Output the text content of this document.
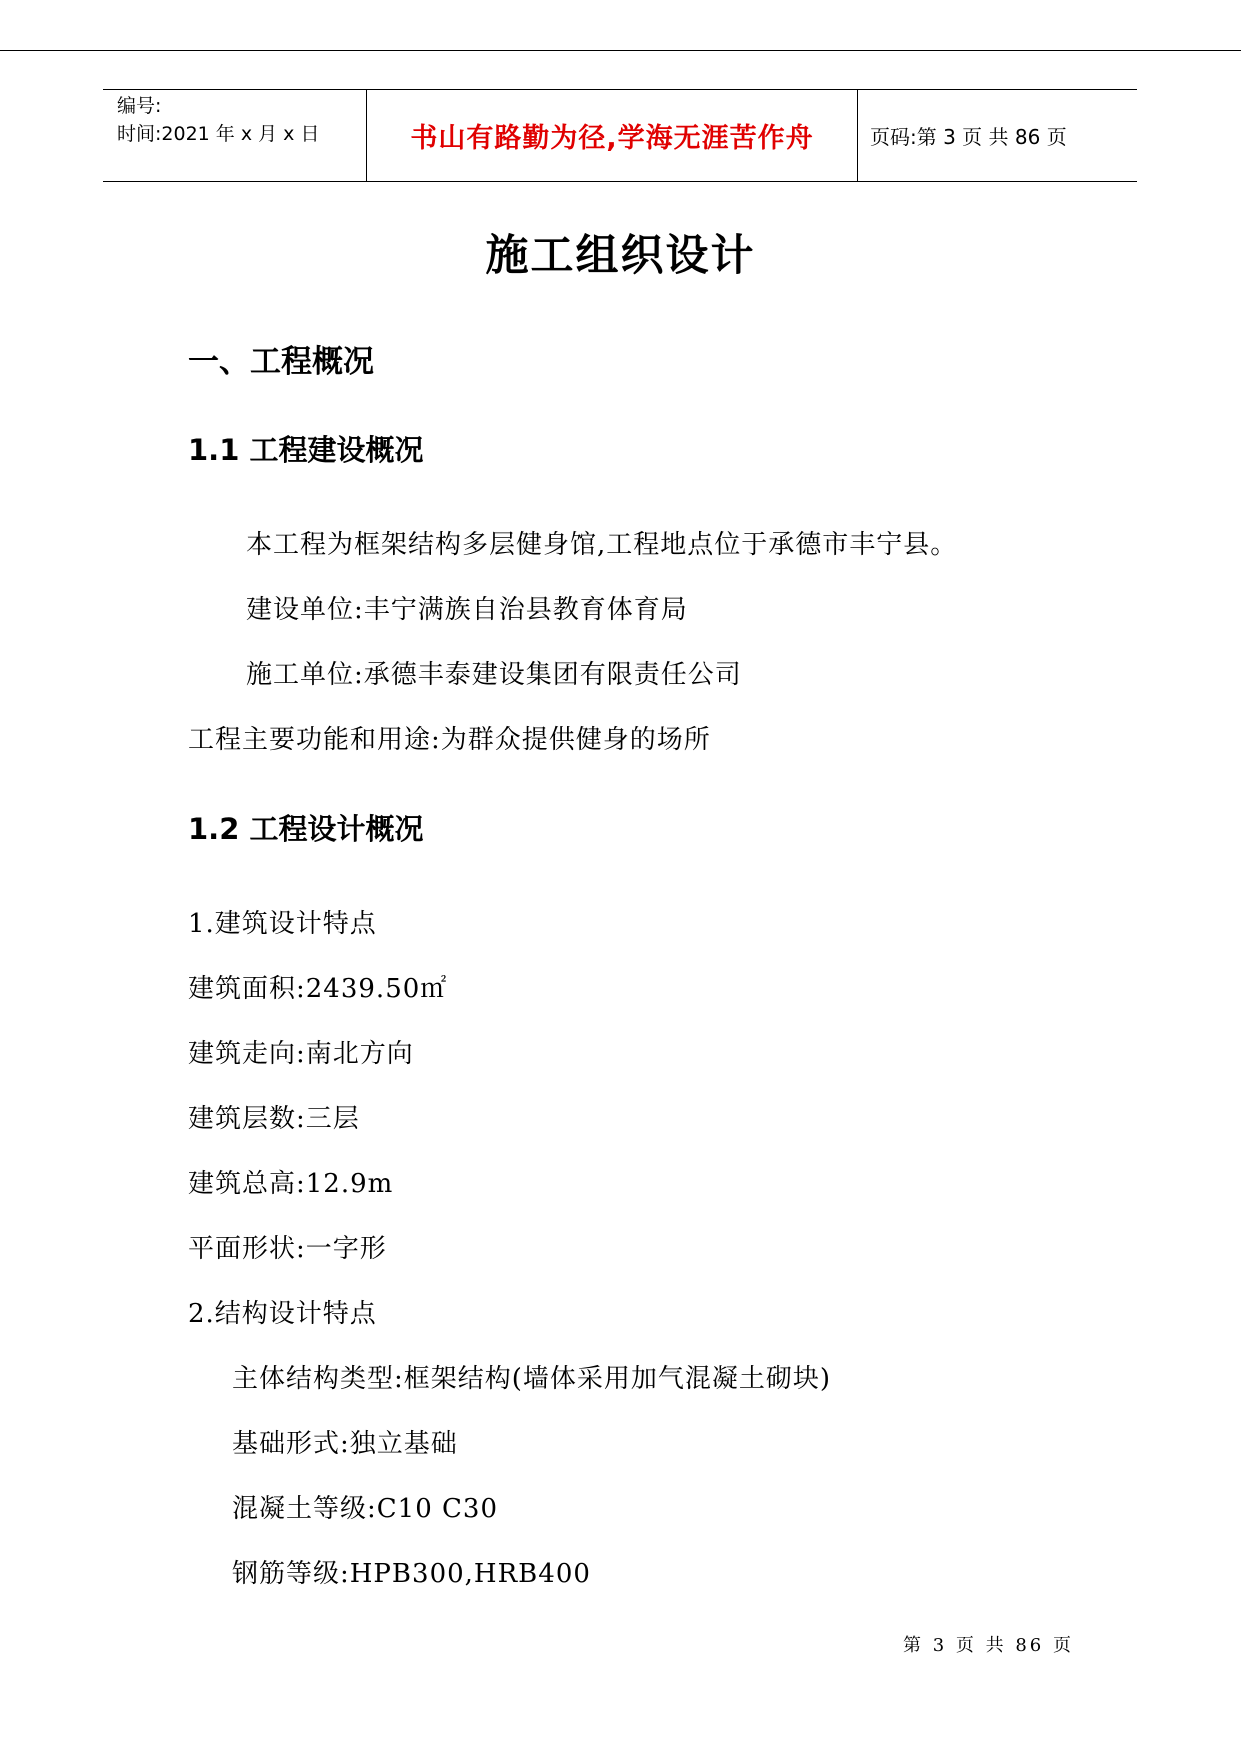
编号:
时间:2021 年 x 月 x 日	书山有路勤为径,学海无涯苦作舟	页码:第 3 页 共 86 页
施工组织设计
一、工程概况
1.1 工程建设概况
本工程为框架结构多层健身馆,工程地点位于承德市丰宁县。
建设单位:丰宁满族自治县教育体育局
施工单位:承德丰泰建设集团有限责任公司
工程主要功能和用途:为群众提供健身的场所
1.2 工程设计概况
1.建筑设计特点
建筑面积:2439.50㎡
建筑走向:南北方向
建筑层数:三层
建筑总高:12.9m
平面形状:一字形
2.结构设计特点
主体结构类型:框架结构(墙体采用加气混凝土砌块)
基础形式:独立基础
混凝土等级:C10 C30
钢筋等级:HPB300,HRB400
第 3 页 共 86 页
